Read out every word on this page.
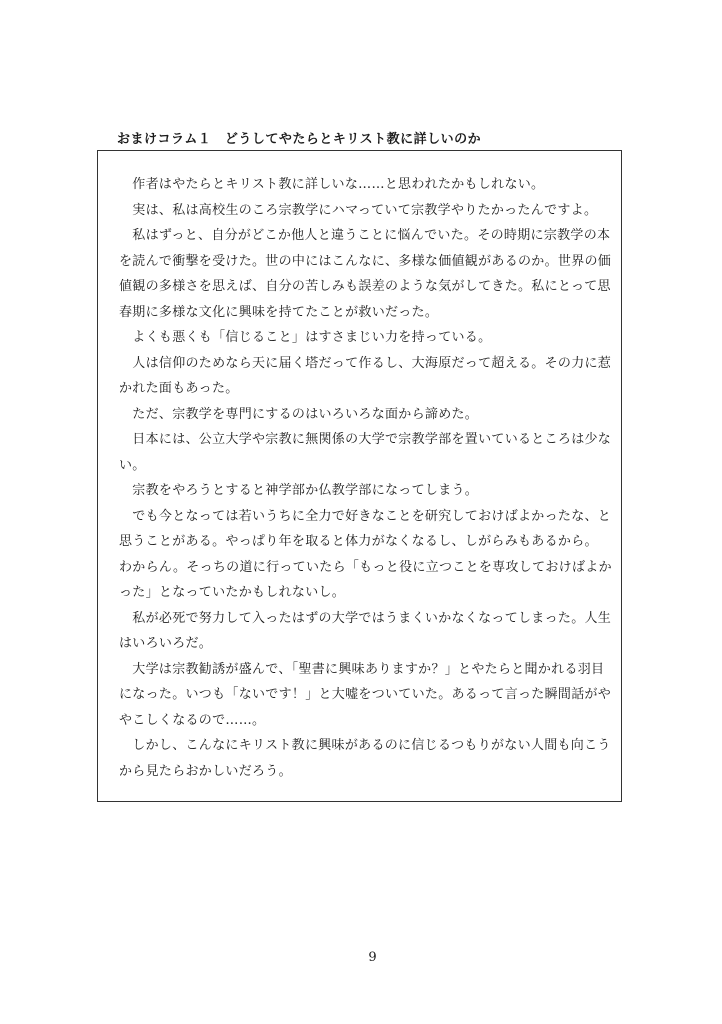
おまけコラム１　どうしてやたらとキリスト教に詳しいのか

　作者はやたらとキリスト教に詳しいな……と思われたかもしれない。

　実は、私は高校生のころ宗教学にハマっていて宗教学やりたかったんですよ。

　私はずっと、自分がどこか他人と違うことに悩んでいた。その時期に宗教学の本

を読んで衝撃を受けた。世の中にはこんなに、多様な価値観があるのか。世界の価

値観の多様さを思えば、自分の苦しみも誤差のような気がしてきた。私にとって思

春期に多様な文化に興味を持てたことが救いだった。

　よくも悪くも「信じること」はすさまじい力を持っている。

　人は信仰のためなら天に届く塔だって作るし、大海原だって超える。その力に惹

かれた面もあった。

　ただ、宗教学を専門にするのはいろいろな面から諦めた。

　日本には、公立大学や宗教に無関係の大学で宗教学部を置いているところは少な

い。

　宗教をやろうとすると神学部か仏教学部になってしまう。

　でも今となっては若いうちに全力で好きなことを研究しておけばよかったな、と

思うことがある。やっぱり年を取ると体力がなくなるし、しがらみもあるから。

わからん。そっちの道に行っていたら「もっと役に立つことを専攻しておけばよか

った」となっていたかもしれないし。

　私が必死で努力して入ったはずの大学ではうまくいかなくなってしまった。人生

はいろいろだ。

　大学は宗教勧誘が盛んで、「聖書に興味ありますか？」とやたらと聞かれる羽目

になった。いつも「ないです！」と大嘘をついていた。あるって言った瞬間話がや

やこしくなるので……。

　しかし、こんなにキリスト教に興味があるのに信じるつもりがない人間も向こう

から見たらおかしいだろう。

9
